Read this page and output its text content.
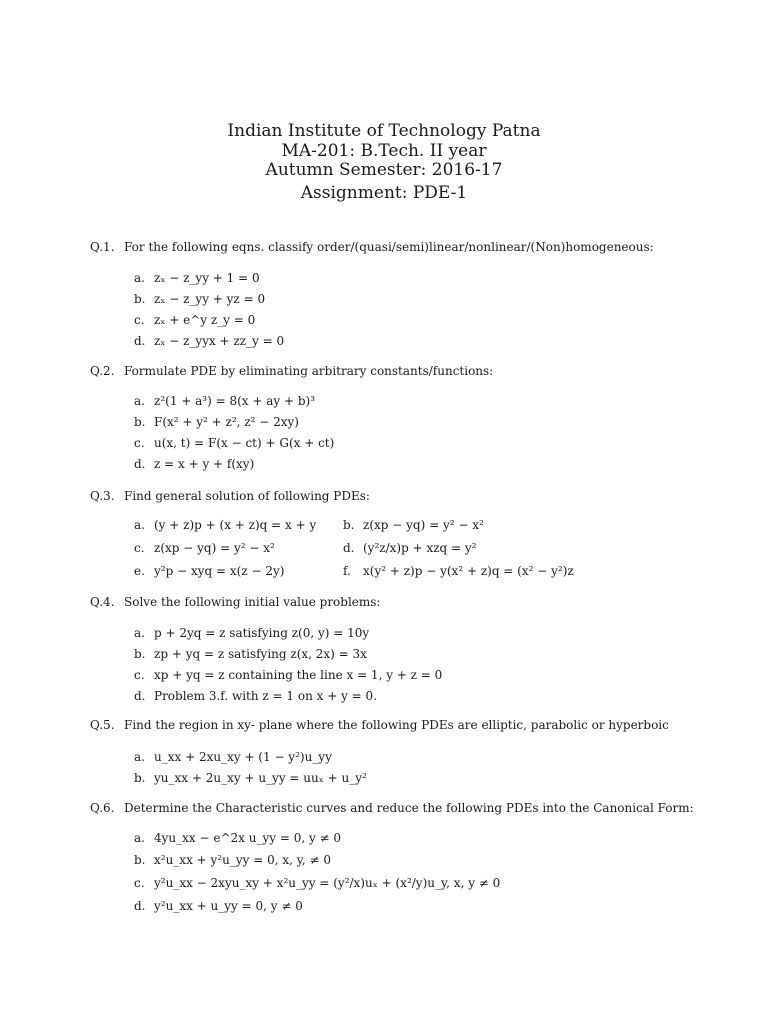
Indian Institute of Technology Patna
MA-201: B.Tech. II year
Autumn Semester: 2016-17
Assignment: PDE-1
Q.1. For the following eqns. classify order/(quasi/semi)linear/nonlinear/(Non)homogeneous:
a. zₓ − z_yy + 1 = 0
b. zₓ − z_yy + yz = 0
c. zₓ + e^y z_y = 0
d. zₓ − z_yyx + zz_y = 0
Q.2. Formulate PDE by eliminating arbitrary constants/functions:
a. z²(1 + a³) = 8(x + ay + b)³
b. F(x² + y² + z², z² − 2xy)
c. u(x, t) = F(x − ct) + G(x + ct)
d. z = x + y + f(xy)
Q.3. Find general solution of following PDEs:
a. (y + z)p + (x + z)q = x + y b. z(xp − yq) = y² − x²
c. z(xp − yq) = y² − x²	d. (y²z/x)p + xzq = y²
e. y²p − xyq = x(z − 2y)	f. x(y² + z)p − y(x² + z)q = (x² − y²)z
Q.4. Solve the following initial value problems:
a. p + 2yq = z satisfying z(0, y) = 10y
b. zp + yq = z satisfying z(x, 2x) = 3x
c. xp + yq = z containing the line x = 1, y + z = 0
d. Problem 3.f. with z = 1 on x + y = 0.
Q.5. Find the region in xy- plane where the following PDEs are elliptic, parabolic or hyperboic
a. u_xx + 2xu_xy + (1 − y²)u_yy
b. yu_xx + 2u_xy + u_yy = uuₓ + u_y²
Q.6. Determine the Characteristic curves and reduce the following PDEs into the Canonical Form:
a. 4yu_xx − e^2x u_yy = 0, y ≠ 0
b. x²u_xx + y²u_yy = 0, x, y, ≠ 0
c. y²u_xx − 2xyu_xy + x²u_yy = (y²/x)uₓ + (x²/y)u_y, x, y ≠ 0
d. y²u_xx + u_yy = 0, y ≠ 0
